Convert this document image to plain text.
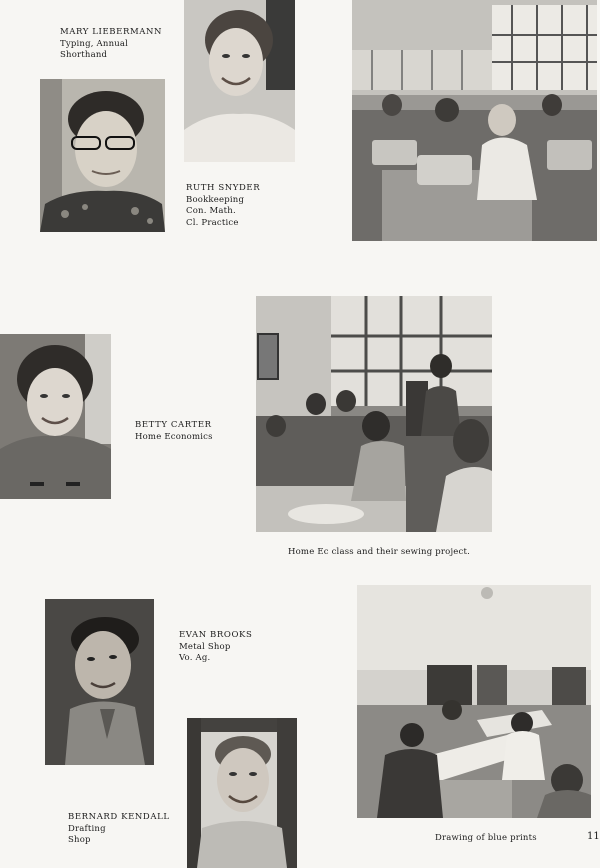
MARY LIEBERMANN
Typing, Annual
Shorthand
RUTH SNYDER
Bookkeeping
Con. Math.
Cl. Practice
Home Ec class and their sewing project.
BETTY CARTER
Home Economics
EVAN BROOKS
Metal Shop
Vo. Ag.
BERNARD KENDALL
Drafting
Shop	Drawing of blue prints	11
